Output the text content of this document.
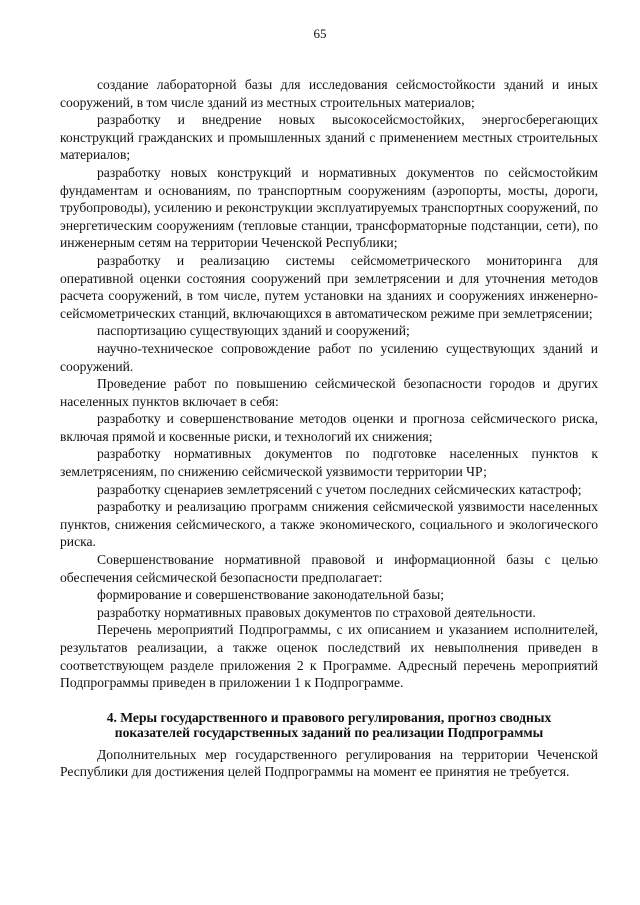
65

создание лабораторной базы для исследования сейсмостойкости зданий и иных сооружений, в том числе зданий из местных строительных материалов;

разработку и внедрение новых высокосейсмостойких, энергосберегающих конструкций гражданских и промышленных зданий с применением местных строительных материалов;

разработку новых конструкций и нормативных документов по сейсмостойким фундаментам и основаниям, по транспортным сооружениям (аэропорты, мосты, дороги, трубопроводы), усилению и реконструкции эксплуатируемых транспортных сооружений, по энергетическим сооружениям (тепловые станции, трансформаторные подстанции, сети), по инженерным сетям на территории Чеченской Республики;

разработку и реализацию системы сейсмометрического мониторинга для оперативной оценки состояния сооружений при землетрясении и для уточнения методов расчета сооружений, в том числе, путем установки на зданиях и сооружениях инженерно-сейсмометрических станций, включающихся в автоматическом режиме при землетрясении;

паспортизацию существующих зданий и сооружений;

научно-техническое сопровождение работ по усилению существующих зданий и сооружений.

Проведение работ по повышению сейсмической безопасности городов и других населенных пунктов включает в себя:

разработку и совершенствование методов оценки и прогноза сейсмического риска, включая прямой и косвенные риски, и технологий их снижения;

разработку нормативных документов по подготовке населенных пунктов к землетрясениям, по снижению сейсмической уязвимости территории ЧР;

разработку сценариев землетрясений с учетом последних сейсмических катастроф;

разработку и реализацию программ снижения сейсмической уязвимости населенных пунктов, снижения сейсмического, а также экономического, социального и экологического риска.

Совершенствование нормативной правовой и информационной базы с целью обеспечения сейсмической безопасности предполагает:

формирование и совершенствование законодательной базы;

разработку нормативных правовых документов по страховой деятельности.

Перечень мероприятий Подпрограммы, с их описанием и указанием исполнителей, результатов реализации, а также оценок последствий их невыполнения приведен в соответствующем разделе приложения 2 к Программе. Адресный перечень мероприятий Подпрограммы приведен в приложении 1 к Подпрограмме.

4. Меры государственного и правового регулирования, прогноз сводных показателей государственных заданий по реализации Подпрограммы

Дополнительных мер государственного регулирования на территории Чеченской Республики для достижения целей Подпрограммы на момент ее принятия не требуется.
